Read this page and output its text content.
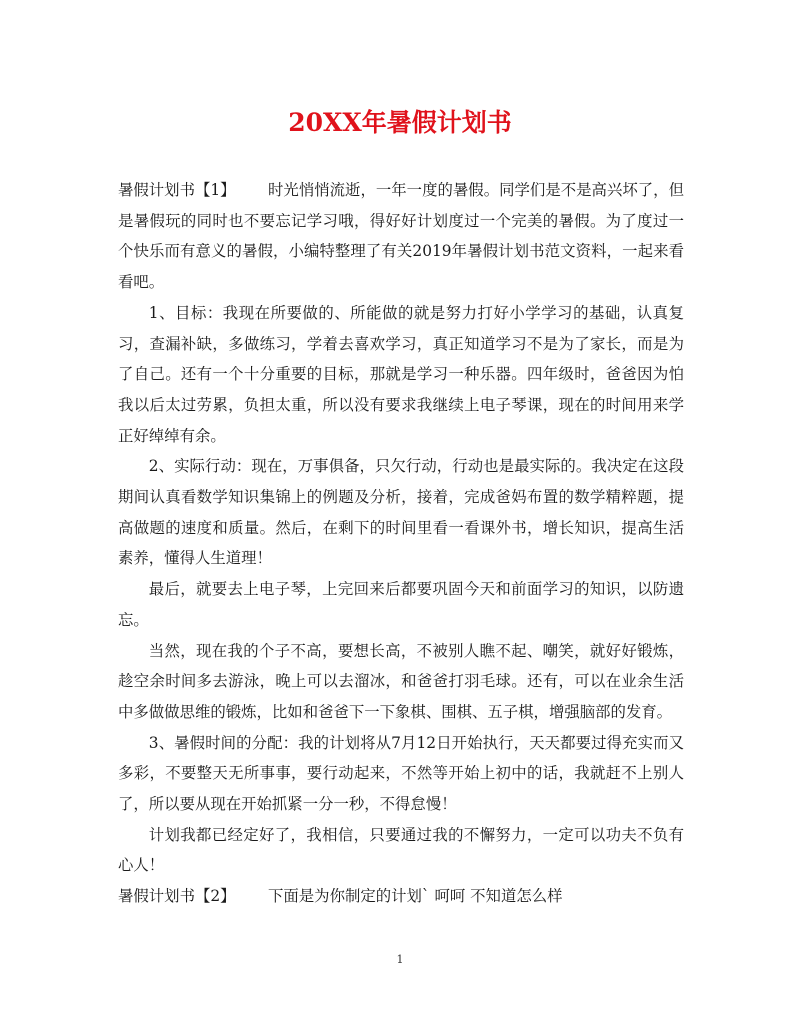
20XX年暑假计划书

暑假计划书【1】 时光悄悄流逝，一年一度的暑假。同学们是不是高兴坏了，但是暑假玩的同时也不要忘记学习哦，得好好计划度过一个完美的暑假。为了度过一个快乐而有意义的暑假，小编特整理了有关2019年暑假计划书范文资料，一起来看看吧。

1、目标：我现在所要做的、所能做的就是努力打好小学学习的基础，认真复习，查漏补缺，多做练习，学着去喜欢学习，真正知道学习不是为了家长，而是为了自己。还有一个十分重要的目标，那就是学习一种乐器。四年级时，爸爸因为怕我以后太过劳累，负担太重，所以没有要求我继续上电子琴课，现在的时间用来学正好绰绰有余。

2、实际行动：现在，万事俱备，只欠行动，行动也是最实际的。我决定在这段期间认真看数学知识集锦上的例题及分析，接着，完成爸妈布置的数学精粹题，提高做题的速度和质量。然后，在剩下的时间里看一看课外书，增长知识，提高生活素养，懂得人生道理！

最后，就要去上电子琴，上完回来后都要巩固今天和前面学习的知识，以防遗忘。

当然，现在我的个子不高，要想长高，不被别人瞧不起、嘲笑，就好好锻炼，趁空余时间多去游泳，晚上可以去溜冰，和爸爸打羽毛球。还有，可以在业余生活中多做做思维的锻炼，比如和爸爸下一下象棋、围棋、五子棋，增强脑部的发育。

3、暑假时间的分配：我的计划将从7月12日开始执行，天天都要过得充实而又多彩，不要整天无所事事，要行动起来，不然等开始上初中的话，我就赶不上别人了，所以要从现在开始抓紧一分一秒，不得怠慢！

计划我都已经定好了，我相信，只要通过我的不懈努力，一定可以功夫不负有心人！

暑假计划书【2】 下面是为你制定的计划` 呵呵 不知道怎么样

1
